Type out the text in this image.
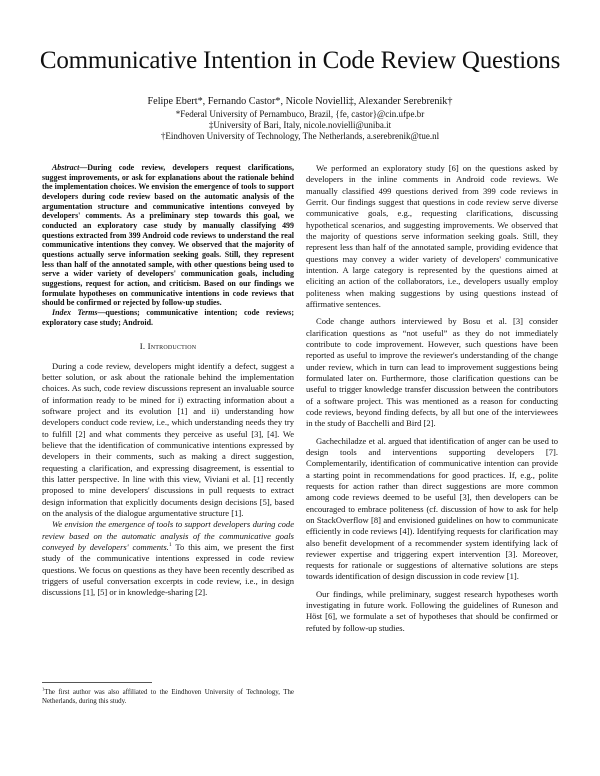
Communicative Intention in Code Review Questions
Felipe Ebert*, Fernando Castor*, Nicole Novielli‡, Alexander Serebrenik†
*Federal University of Pernambuco, Brazil, {fe, castor}@cin.ufpe.br
‡University of Bari, Italy, nicole.novielli@uniba.it
†Eindhoven University of Technology, The Netherlands, a.serebrenik@tue.nl

Abstract—During code review, developers request clarifications, suggest improvements, or ask for explanations about the rationale behind the implementation choices. We envision the emergence of tools to support developers during code review based on the automatic analysis of the argumentation structure and communicative intentions conveyed by developers' comments. As a preliminary step towards this goal, we conducted an exploratory case study by manually classifying 499 questions extracted from 399 Android code reviews to understand the real communicative intentions they convey. We observed that the majority of questions actually serve information seeking goals. Still, they represent less than half of the annotated sample, with other questions being used to serve a wider variety of developers' communication goals, including suggestions, request for action, and criticism. Based on our findings we formulate hypotheses on communicative intentions in code reviews that should be confirmed or rejected by follow-up studies.

Index Terms—questions; communicative intention; code reviews; exploratory case study; Android.

I. Introduction

During a code review, developers might identify a defect, suggest a better solution, or ask about the rationale behind the implementation choices. As such, code review discussions represent an invaluable source of information ready to be mined for i) extracting information about a software project and its evolution [1] and ii) understanding how developers conduct code review, i.e., which understanding needs they try to fulfill [2] and what comments they perceive as useful [3], [4]. We believe that the identification of communicative intentions expressed by developers in their comments, such as making a direct suggestion, requesting a clarification, and expressing disagreement, is essential to this latter perspective. In line with this view, Viviani et al. [1] recently proposed to mine developers' discussions in pull requests to extract design information that explicitly documents design decisions [5], based on the analysis of the dialogue argumentative structure [1].

We envision the emergence of tools to support developers during code review based on the automatic analysis of the communicative goals conveyed by developers' comments.$^1$ To this aim, we present the first study of the communicative intentions expressed in code review questions. We focus on questions as they have been recently described as triggers of useful conversation excerpts in code review, i.e., in design discussions [1], [5] or in knowledge-sharing [2].

$^1$The first author was also affiliated to the Eindhoven University of Technology, The Netherlands, during this study.

We performed an exploratory study [6] on the questions asked by developers in the inline comments in Android code reviews. We manually classified 499 questions derived from 399 code reviews in Gerrit. Our findings suggest that questions in code review serve diverse communicative goals, e.g., requesting clarifications, discussing hypothetical scenarios, and suggesting improvements. We observed that the majority of questions serve information seeking goals. Still, they represent less than half of the annotated sample, providing evidence that questions may convey a wider variety of developers' communicative intention. A large category is represented by the questions aimed at eliciting an action of the collaborators, i.e., developers usually employ politeness when making suggestions by using questions instead of affirmative sentences.

Code change authors interviewed by Bosu et al. [3] consider clarification questions as “not useful” as they do not immediately contribute to code improvement. However, such questions have been reported as useful to improve the reviewer's understanding of the change under review, which in turn can lead to improvement suggestions being formulated later on. Furthermore, those clarification questions can be useful to trigger knowledge transfer discussion between the contributors of a software project. This was mentioned as a reason for conducting code reviews, beyond finding defects, by all but one of the interviewees in the study of Bacchelli and Bird [2].

Gachechiladze et al. argued that identification of anger can be used to design tools and interventions supporting developers [7]. Complementarily, identification of communicative intention can provide a starting point in recommendations for good practices. If, e.g., polite requests for action rather than direct suggestions are more common among code reviews deemed to be useful [3], then developers can be encouraged to embrace politeness (cf. discussion of how to ask for help on StackOverflow [8] and envisioned guidelines on how to communicate efficiently in code reviews [4]). Identifying requests for clarification may also benefit development of a recommender system identifying lack of reviewer expertise and triggering expert intervention [3]. Moreover, requests for rationale or suggestions of alternative solutions are steps towards identification of design discussion in code review [1].

Our findings, while preliminary, suggest research hypotheses worth investigating in future work. Following the guidelines of Runeson and Höst [6], we formulate a set of hypotheses that should be confirmed or refuted by follow-up studies.
